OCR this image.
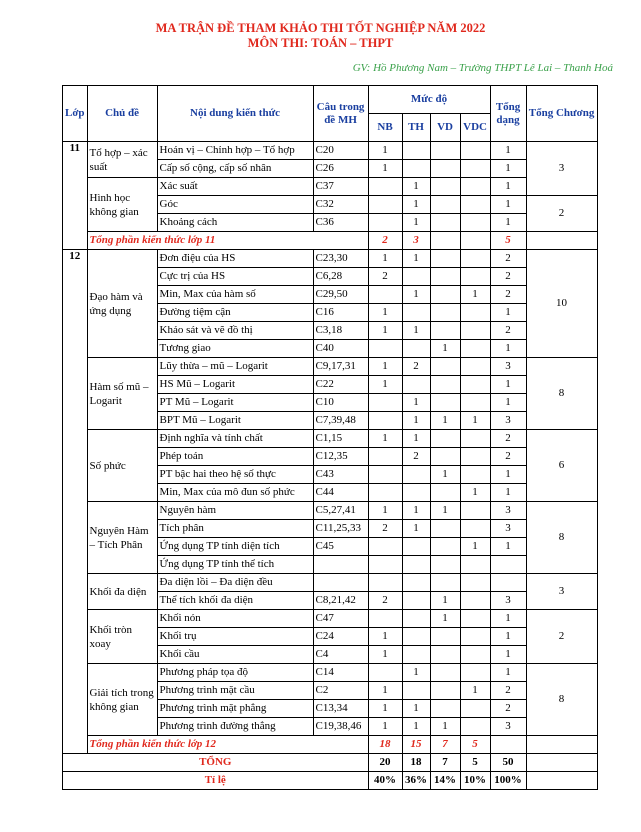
MA TRẬN ĐỀ THAM KHẢO THI TỐT NGHIỆP NĂM 2022
MÔN THI: TOÁN – THPT
GV: Hồ Phương Nam – Trường THPT Lê Lai – Thanh Hoá
Lớp	Chủ đề	Nội dung kiến thức	Câu trong đề MH	Mức độ				Tổng dạng	Tổng Chương
				NB	TH	VD	VDC		
11	Tổ hợp – xác suất	Hoán vị – Chỉnh hợp – Tổ hợp	C20	1				1	3
		Cấp số cộng, cấp số nhân	C26	1				1	
	Hình học không gian	Xác suất	C37		1			1	
		Góc	C32		1			1	2
		Khoảng cách	C36		1			1	
	Tổng phần kiến thức lớp 11			2	3			5	
12	Đạo hàm và ứng dụng	Đơn điệu của HS	C23,30	1	1			2	10
		Cực trị của HS	C6,28	2				2	
		Min, Max của hàm số	C29,50		1		1	2	
		Đường tiệm cận	C16	1				1	
		Khảo sát và vẽ đồ thị	C3,18	1	1			2	
		Tương giao	C40			1		1	
	Hàm số mũ – Logarit	Lũy thừa – mũ – Logarit	C9,17,31	1	2			3	8
		HS Mũ – Logarit	C22	1				1	
		PT Mũ – Logarit	C10		1			1	
		BPT Mũ – Logarit	C7,39,48		1	1	1	3	
	Số phức	Định nghĩa và tính chất	C1,15	1	1			2	6
		Phép toán	C12,35		2			2	
		PT bậc hai theo hệ số thực	C43			1		1	
		Min, Max của mô đun số phức	C44				1	1	
	Nguyên Hàm – Tích Phân	Nguyên hàm	C5,27,41	1	1	1		3	8
		Tích phân	C11,25,33	2	1			3	
		Ứng dụng TP tính diện tích	C45				1	1	
		Ứng dụng TP tính thể tích							
	Khối đa diện	Đa diện lồi – Đa diện đều							3
		Thể tích khối đa diện	C8,21,42	2		1		3	
	Khối tròn xoay	Khối nón	C47			1		1	2
		Khối trụ	C24	1				1	
		Khối cầu	C4	1				1	
	Giải tích trong không gian	Phương pháp tọa độ	C14		1			1	8
		Phương trình mặt cầu	C2	1			1	2	
		Phương trình mặt phẳng	C13,34	1	1			2	
		Phương trình đường thẳng	C19,38,46	1	1	1		3	
	Tổng phần kiến thức lớp 12			18	15	7	5		
TỔNG				20	18	7	5	50	
Tỉ lệ				40%	36%	14%	10%	100%	
